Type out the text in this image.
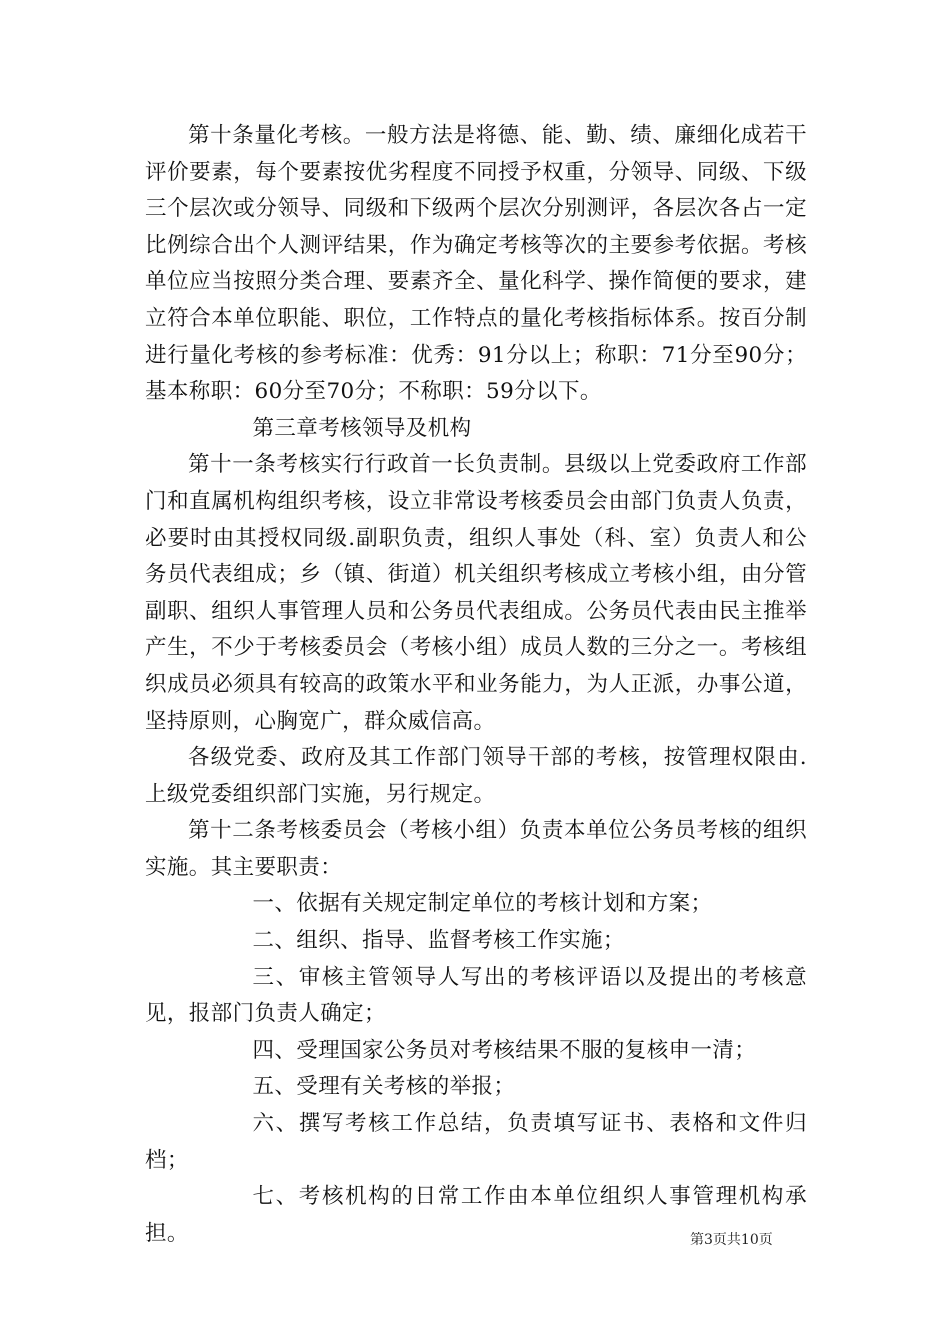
第十条量化考核。一般方法是将德、能、勤、绩、廉细化成若干评价要素，每个要素按优劣程度不同授予权重，分领导、同级、下级三个层次或分领导、同级和下级两个层次分别测评，各层次各占一定比例综合出个人测评结果，作为确定考核等次的主要参考依据。考核单位应当按照分类合理、要素齐全、量化科学、操作简便的要求，建立符合本单位职能、职位，工作特点的量化考核指标体系。按百分制进行量化考核的参考标准：优秀：91分以上；称职：71分至90分；基本称职：60分至70分；不称职：59分以下。

第三章考核领导及机构

第十一条考核实行行政首一长负责制。县级以上党委政府工作部门和直属机构组织考核，设立非常设考核委员会由部门负责人负责，必要时由其授权同级.副职负责，组织人事处（科、室）负责人和公务员代表组成；乡（镇、街道）机关组织考核成立考核小组，由分管副职、组织人事管理人员和公务员代表组成。公务员代表由民主推举产生，不少于考核委员会（考核小组）成员人数的三分之一。考核组织成员必须具有较高的政策水平和业务能力，为人正派，办事公道，坚持原则，心胸宽广，群众威信高。

各级党委、政府及其工作部门领导干部的考核，按管理权限由.上级党委组织部门实施，另行规定。

第十二条考核委员会（考核小组）负责本单位公务员考核的组织实施。其主要职责：

一、依据有关规定制定单位的考核计划和方案；

二、组织、指导、监督考核工作实施；

三、审核主管领导人写出的考核评语以及提出的考核意见，报部门负责人确定；

四、受理国家公务员对考核结果不服的复核申一清；

五、受理有关考核的举报；

六、撰写考核工作总结，负责填写证书、表格和文件归档；

七、考核机构的日常工作由本单位组织人事管理机构承担。	第3页共10页
